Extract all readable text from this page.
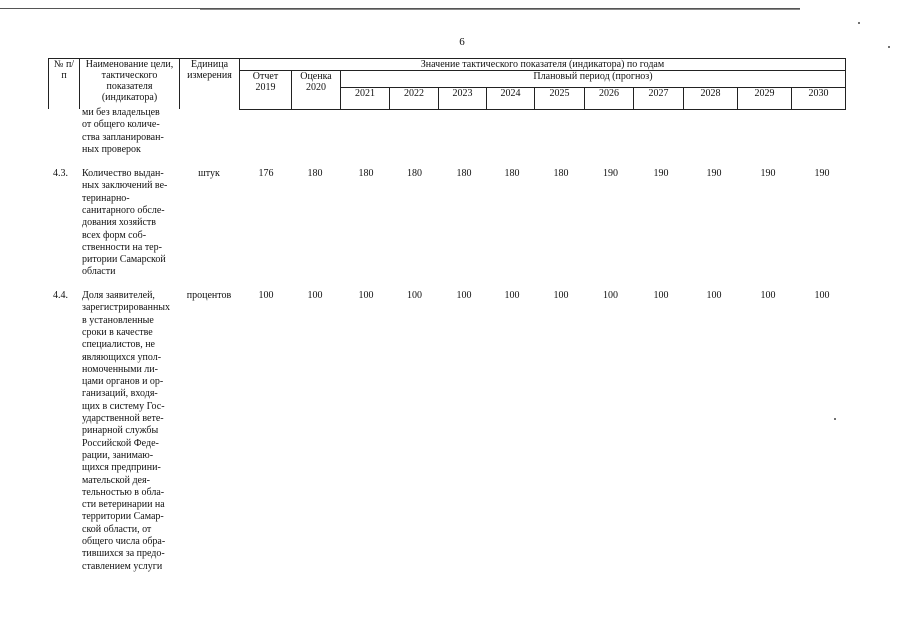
6
№ п/п	Наименование цели, тактического показателя (индикатора)	Единица измерения	Значение тактического показателя (индикатора) по годам											

			Отчет 2019	Оценка 2020	Плановый период (прогноз)									
					2021	2022	2023	2024	2025	2026	2027	2028	2029	2030
ми без владельцев
от общего количе-
ства запланирован-
ных проверок
4.3.	Количество выдан-
ных заключений ве-
теринарно-
санитарного обсле-
дования хозяйств
всех форм соб-
ственности на тер-
ритории Самарской
области
штук	176	180	180	180	180	180	180	190	190	190	190	190
4.4.	Доля заявителей,
зарегистрированных
в установленные
сроки в качестве
специалистов, не
являющихся упол-
номоченными ли-
цами органов и ор-
ганизаций, входя-
щих в систему Гос-
ударственной вете-
ринарной службы
Российской Феде-
рации, занимаю-
щихся предприни-
мательской дея-
тельностью в обла-
сти ветеринарии на
территории Самар-
ской области, от
общего числа обра-
тившихся за предо-
ставлением услуги
процентов	100	100	100	100	100	100	100	100	100	100	100	100
